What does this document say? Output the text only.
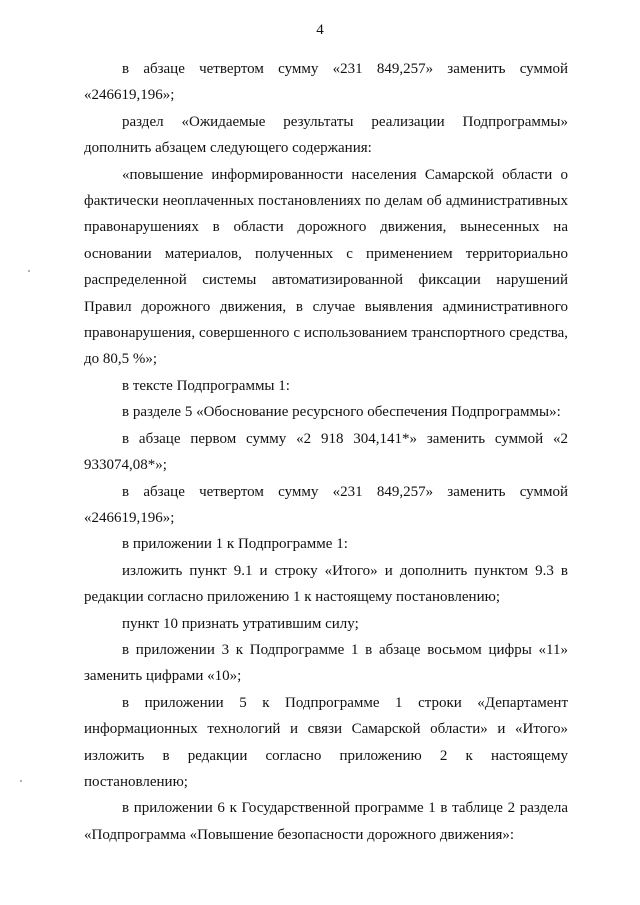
4

в абзаце четвертом сумму «231 849,257» заменить суммой «246619,196»;

раздел «Ожидаемые результаты реализации Подпрограммы» дополнить абзацем следующего содержания:

«повышение информированности населения Самарской области о фактически неоплаченных постановлениях по делам об административных правонарушениях в области дорожного движения, вынесенных на основании материалов, полученных с применением территориально распределенной системы автоматизированной фиксации нарушений Правил дорожного движения, в случае выявления административного правонарушения, совершенного с использованием транспортного средства, до 80,5 %»;

в тексте Подпрограммы 1:

в разделе 5 «Обоснование ресурсного обеспечения Подпрограммы»:

в абзаце первом сумму «2 918 304,141*» заменить суммой «2 933074,08*»;

в абзаце четвертом сумму «231 849,257» заменить суммой «246619,196»;

в приложении 1 к Подпрограмме 1:

изложить пункт 9.1 и строку «Итого» и дополнить пунктом 9.3 в редакции согласно приложению 1 к настоящему постановлению;

пункт 10 признать утратившим силу;

в приложении 3 к Подпрограмме 1 в абзаце восьмом цифры «11» заменить цифрами «10»;

в приложении 5 к Подпрограмме 1 строки «Департамент информационных технологий и связи Самарской области» и «Итого» изложить в редакции согласно приложению 2 к настоящему постановлению;

в приложении 6 к Государственной программе 1 в таблице 2 раздела «Подпрограмма «Повышение безопасности дорожного движения»:
